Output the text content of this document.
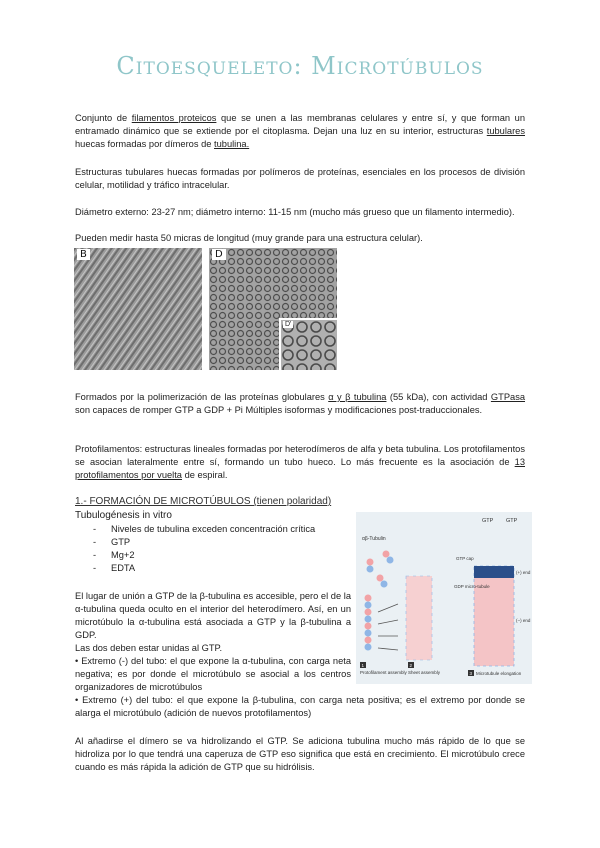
Citoesqueleto: Microtúbulos

Conjunto de filamentos proteicos que se unen a las membranas celulares y entre sí, y que forman un entramado dinámico que se extiende por el citoplasma. Dejan una luz en su interior, estructuras tubulares huecas formadas por dímeros de tubulina.

Estructuras tubulares huecas formadas por polímeros de proteínas, esenciales en los procesos de división celular, motilidad y tráfico intracelular.

Diámetro externo: 23-27 nm; diámetro interno: 11-15 nm (mucho más grueso que un filamento intermedio).

Pueden medir hasta 50 micras de longitud (muy grande para una estructura celular).

B	D
D'

Formados por la polimerización de las proteínas globulares α y β tubulina (55 kDa), con actividad GTPasa son capaces de romper GTP a GDP + Pi Múltiples isoformas y modificaciones post-traduccionales.

Protofilamentos: estructuras lineales formadas por heterodímeros de alfa y beta tubulina. Los protofilamentos se asocian lateralmente entre sí, formando un tubo hueco. Lo más frecuente es la asociación de 13 protofilamentos por vuelta de espiral.

1.- FORMACIÓN DE MICROTÚBULOS (tienen polaridad)
Tubulogénesis in vitro
- Niveles de tubulina exceden concentración crítica
- GTP
- Mg+2
- EDTA

El lugar de unión a GTP de la β-tubulina es accesible, pero el de la α-tubulina queda oculto en el interior del heterodímero. Así, en un microtúbulo la α-tubulina está asociada a GTP y la β-tubulina a GDP.

Las dos deben estar unidas al GTP.

• Extremo (-) del tubo: el que expone la α-tubulina, con carga neta negativa; es por donde el microtúbulo se asocial a los centros organizadores de microtúbulos

• Extremo (+) del tubo: el que expone la β-tubulina, con carga neta positiva; es el extremo por donde se alarga el microtúbulo (adición de nuevos protofilamentos)

Al añadirse el dímero se va hidrolizando el GTP. Se adiciona tubulina mucho más rápido de lo que se hidroliza por lo que tendrá una caperuza de GTP eso significa que está en crecimiento. El microtúbulo crece cuando es más rápida la adición de GTP que su hidrólisis.

αβ-Tubulin
GTP GTP
GTP cap
GDP micro-tubule
(+) end
(−) end
1
Protofilament assembly
2
Sheet assembly	3 Microtubule elongation
